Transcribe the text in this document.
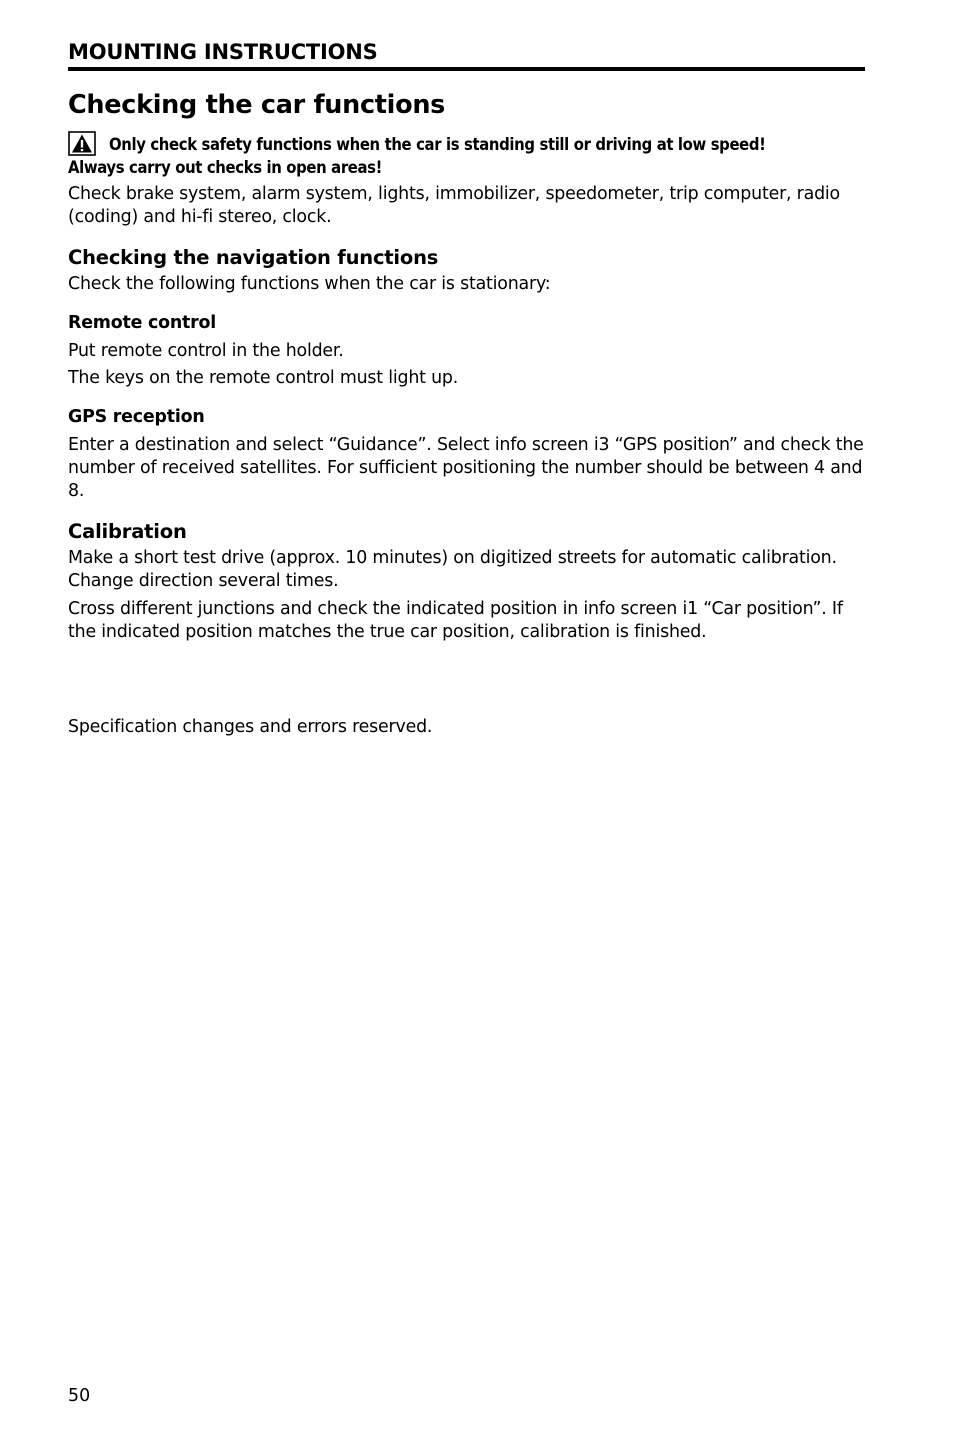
MOUNTING INSTRUCTIONS
Checking the car functions
Only check safety functions when the car is standing still or driving at low speed!
Always carry out checks in open areas!

Check brake system, alarm system, lights, immobilizer, speedometer, trip computer, radio (coding) and hi-fi stereo, clock.

Checking the navigation functions

Check the following functions when the car is stationary:

Remote control

Put remote control in the holder.

The keys on the remote control must light up.

GPS reception

Enter a destination and select “Guidance”. Select info screen i3 “GPS position” and check the number of received satellites. For sufficient positioning the number should be between 4 and 8.

Calibration

Make a short test drive (approx. 10 minutes) on digitized streets for automatic calibration. Change direction several times.

Cross different junctions and check the indicated position in info screen i1 “Car position”. If the indicated position matches the true car position, calibration is finished.

Specification changes and errors reserved.

50
